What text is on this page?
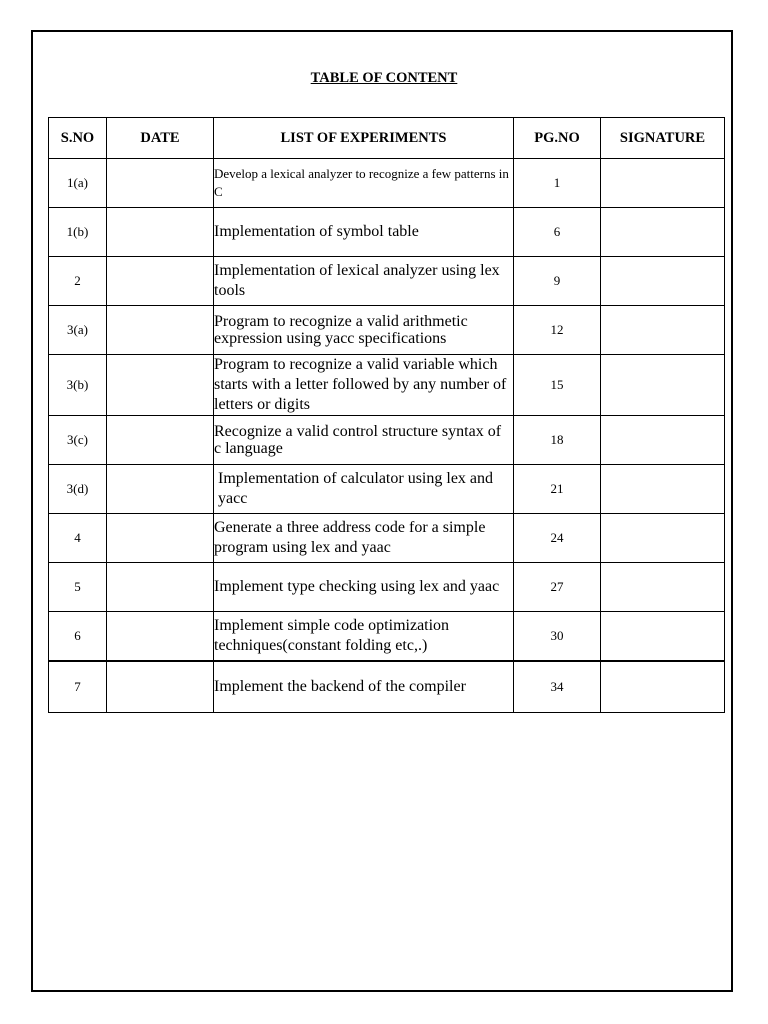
TABLE OF CONTENT
S.NO	DATE	LIST OF EXPERIMENTS	PG.NO	SIGNATURE
1(a)		Develop a lexical analyzer to recognize a few patterns in C	1	
1(b)		Implementation of symbol table	6	
2		Implementation of lexical analyzer using lex tools	9	
3(a)		Program to recognize a valid arithmetic expression using yacc specifications	12	
3(b)		Program to recognize a valid variable which starts with a letter followed by any number of letters or digits	15	
3(c)		Recognize a valid control structure syntax of c language	18	
3(d)		Implementation of calculator using lex and yacc	21	
4		Generate a three address code for a simple program using lex and yaac	24	
5		Implement type checking using lex and yaac	27	
6		Implement simple code optimization techniques(constant folding etc,.)	30	
7		Implement the backend of the compiler	34	
